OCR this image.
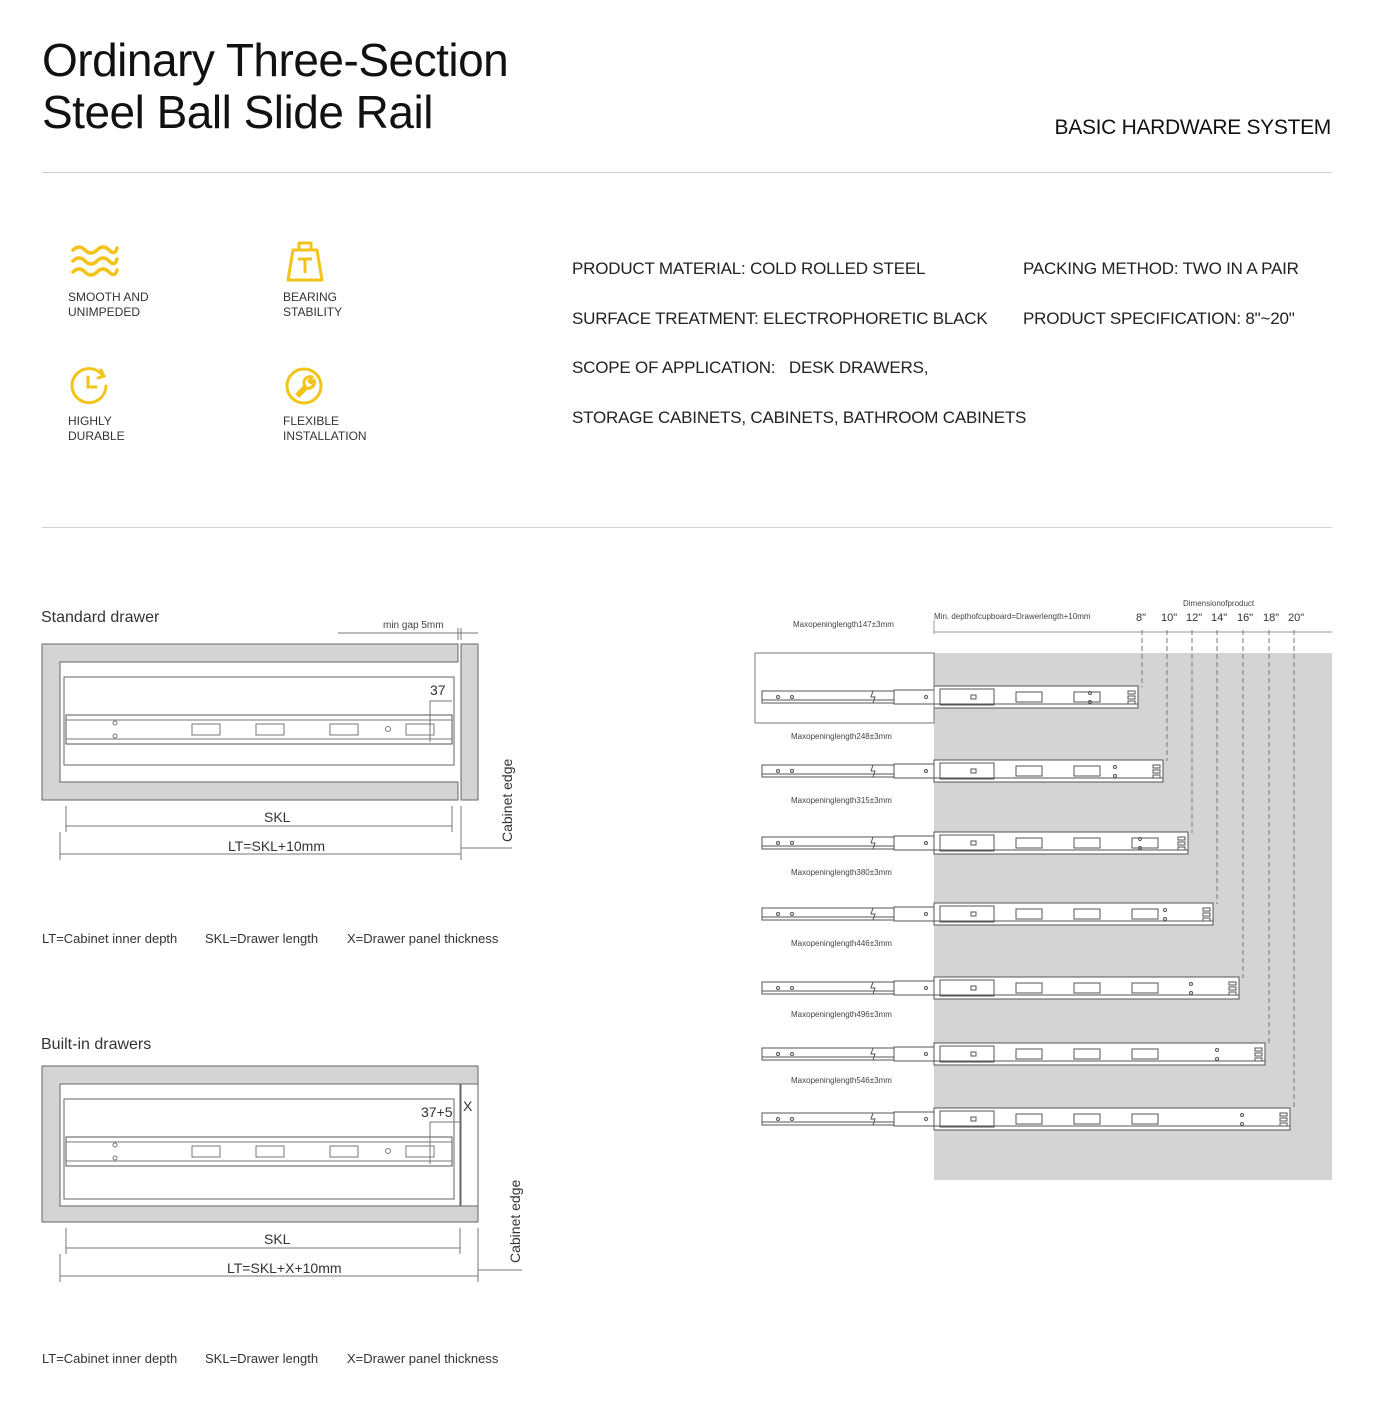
Ordinary Three-Section
Steel Ball Slide Rail	BASIC HARDWARE SYSTEM
SMOOTH AND
UNIMPEDED
BEARING
STABILITY
HIGHLY
DURABLE
FLEXIBLE
INSTALLATION
PRODUCT MATERIAL: COLD ROLLED STEEL	PACKING METHOD: TWO IN A PAIR
SURFACE TREATMENT: ELECTROPHORETIC BLACK PRODUCT SPECIFICATION: 8"~20"
SCOPE OF APPLICATION:   DESK DRAWERS,
STORAGE CABINETS, CABINETS, BATHROOM CABINETS
Standard drawer	min gap 5mm
37
SKL
LT=SKL+10mm
Cabinet edge
LT=Cabinet inner depth SKL=Drawer length X=Drawer panel thickness
Built-in drawers
37+5 X
SKL
LT=SKL+X+10mm
Cabinet edge
LT=Cabinet inner depth SKL=Drawer length X=Drawer panel thickness
Dimensionofproduct
Min. depthofcupboard=Drawerlength+10mm	8" 10" 12" 14" 16" 18" 20"
Maxopeninglength147±3mm
Maxopeninglength248±3mm
Maxopeninglength315±3mm
Maxopeninglength380±3mm
Maxopeninglength446±3mm
Maxopeninglength496±3mm
Maxopeninglength546±3mm
